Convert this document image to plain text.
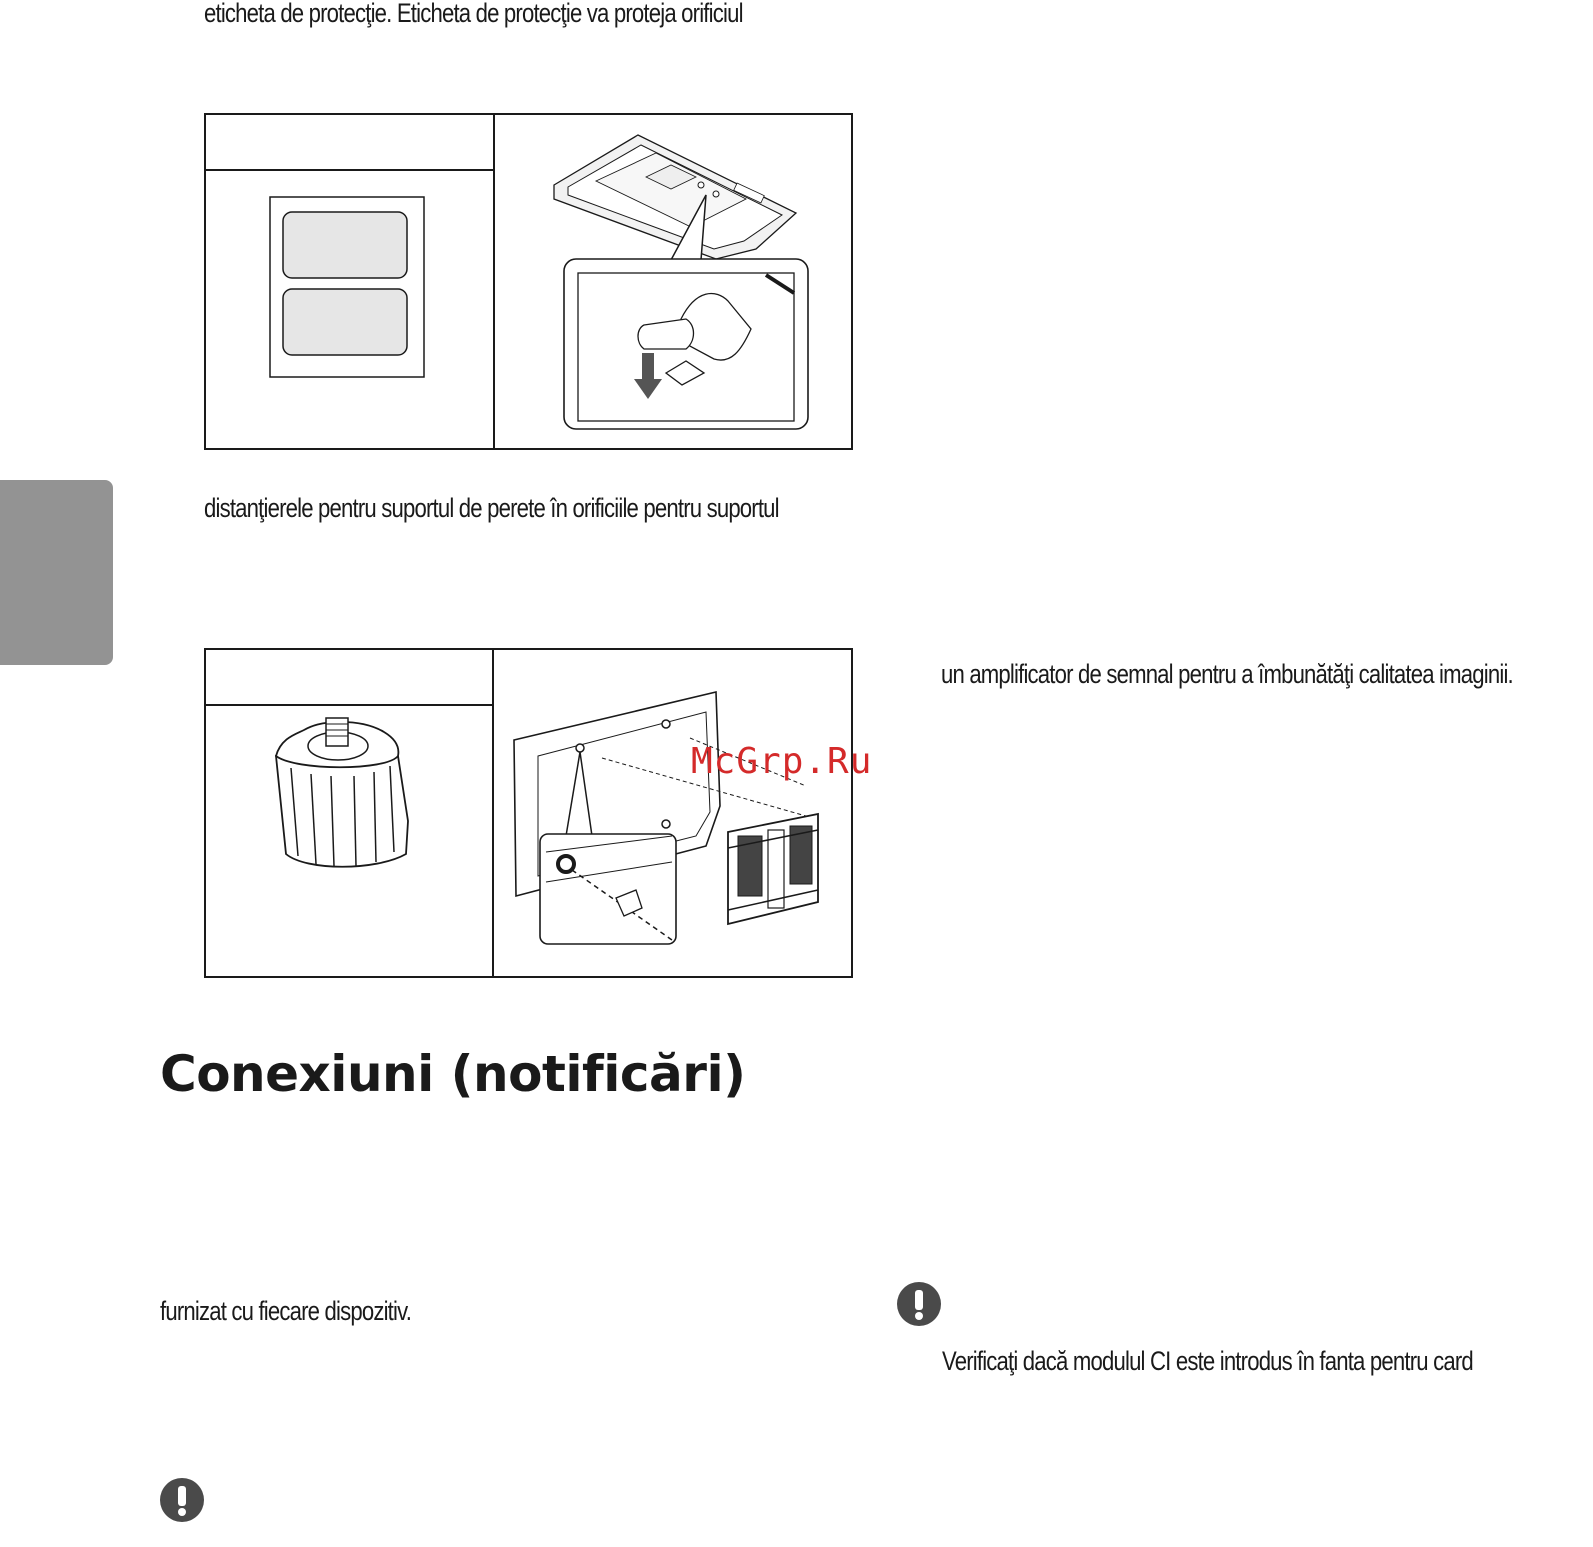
eticheta de protecţie. Eticheta de protecţie va proteja orificiul
distanţierele pentru suportul de perete în orificiile pentru suportul
un amplificator de semnal pentru a îmbunătăţi calitatea imaginii.
McGrp.Ru
Conexiuni (notificări)
furnizat cu fiecare dispozitiv.
Verificaţi dacă modulul CI este introdus în fanta pentru card
